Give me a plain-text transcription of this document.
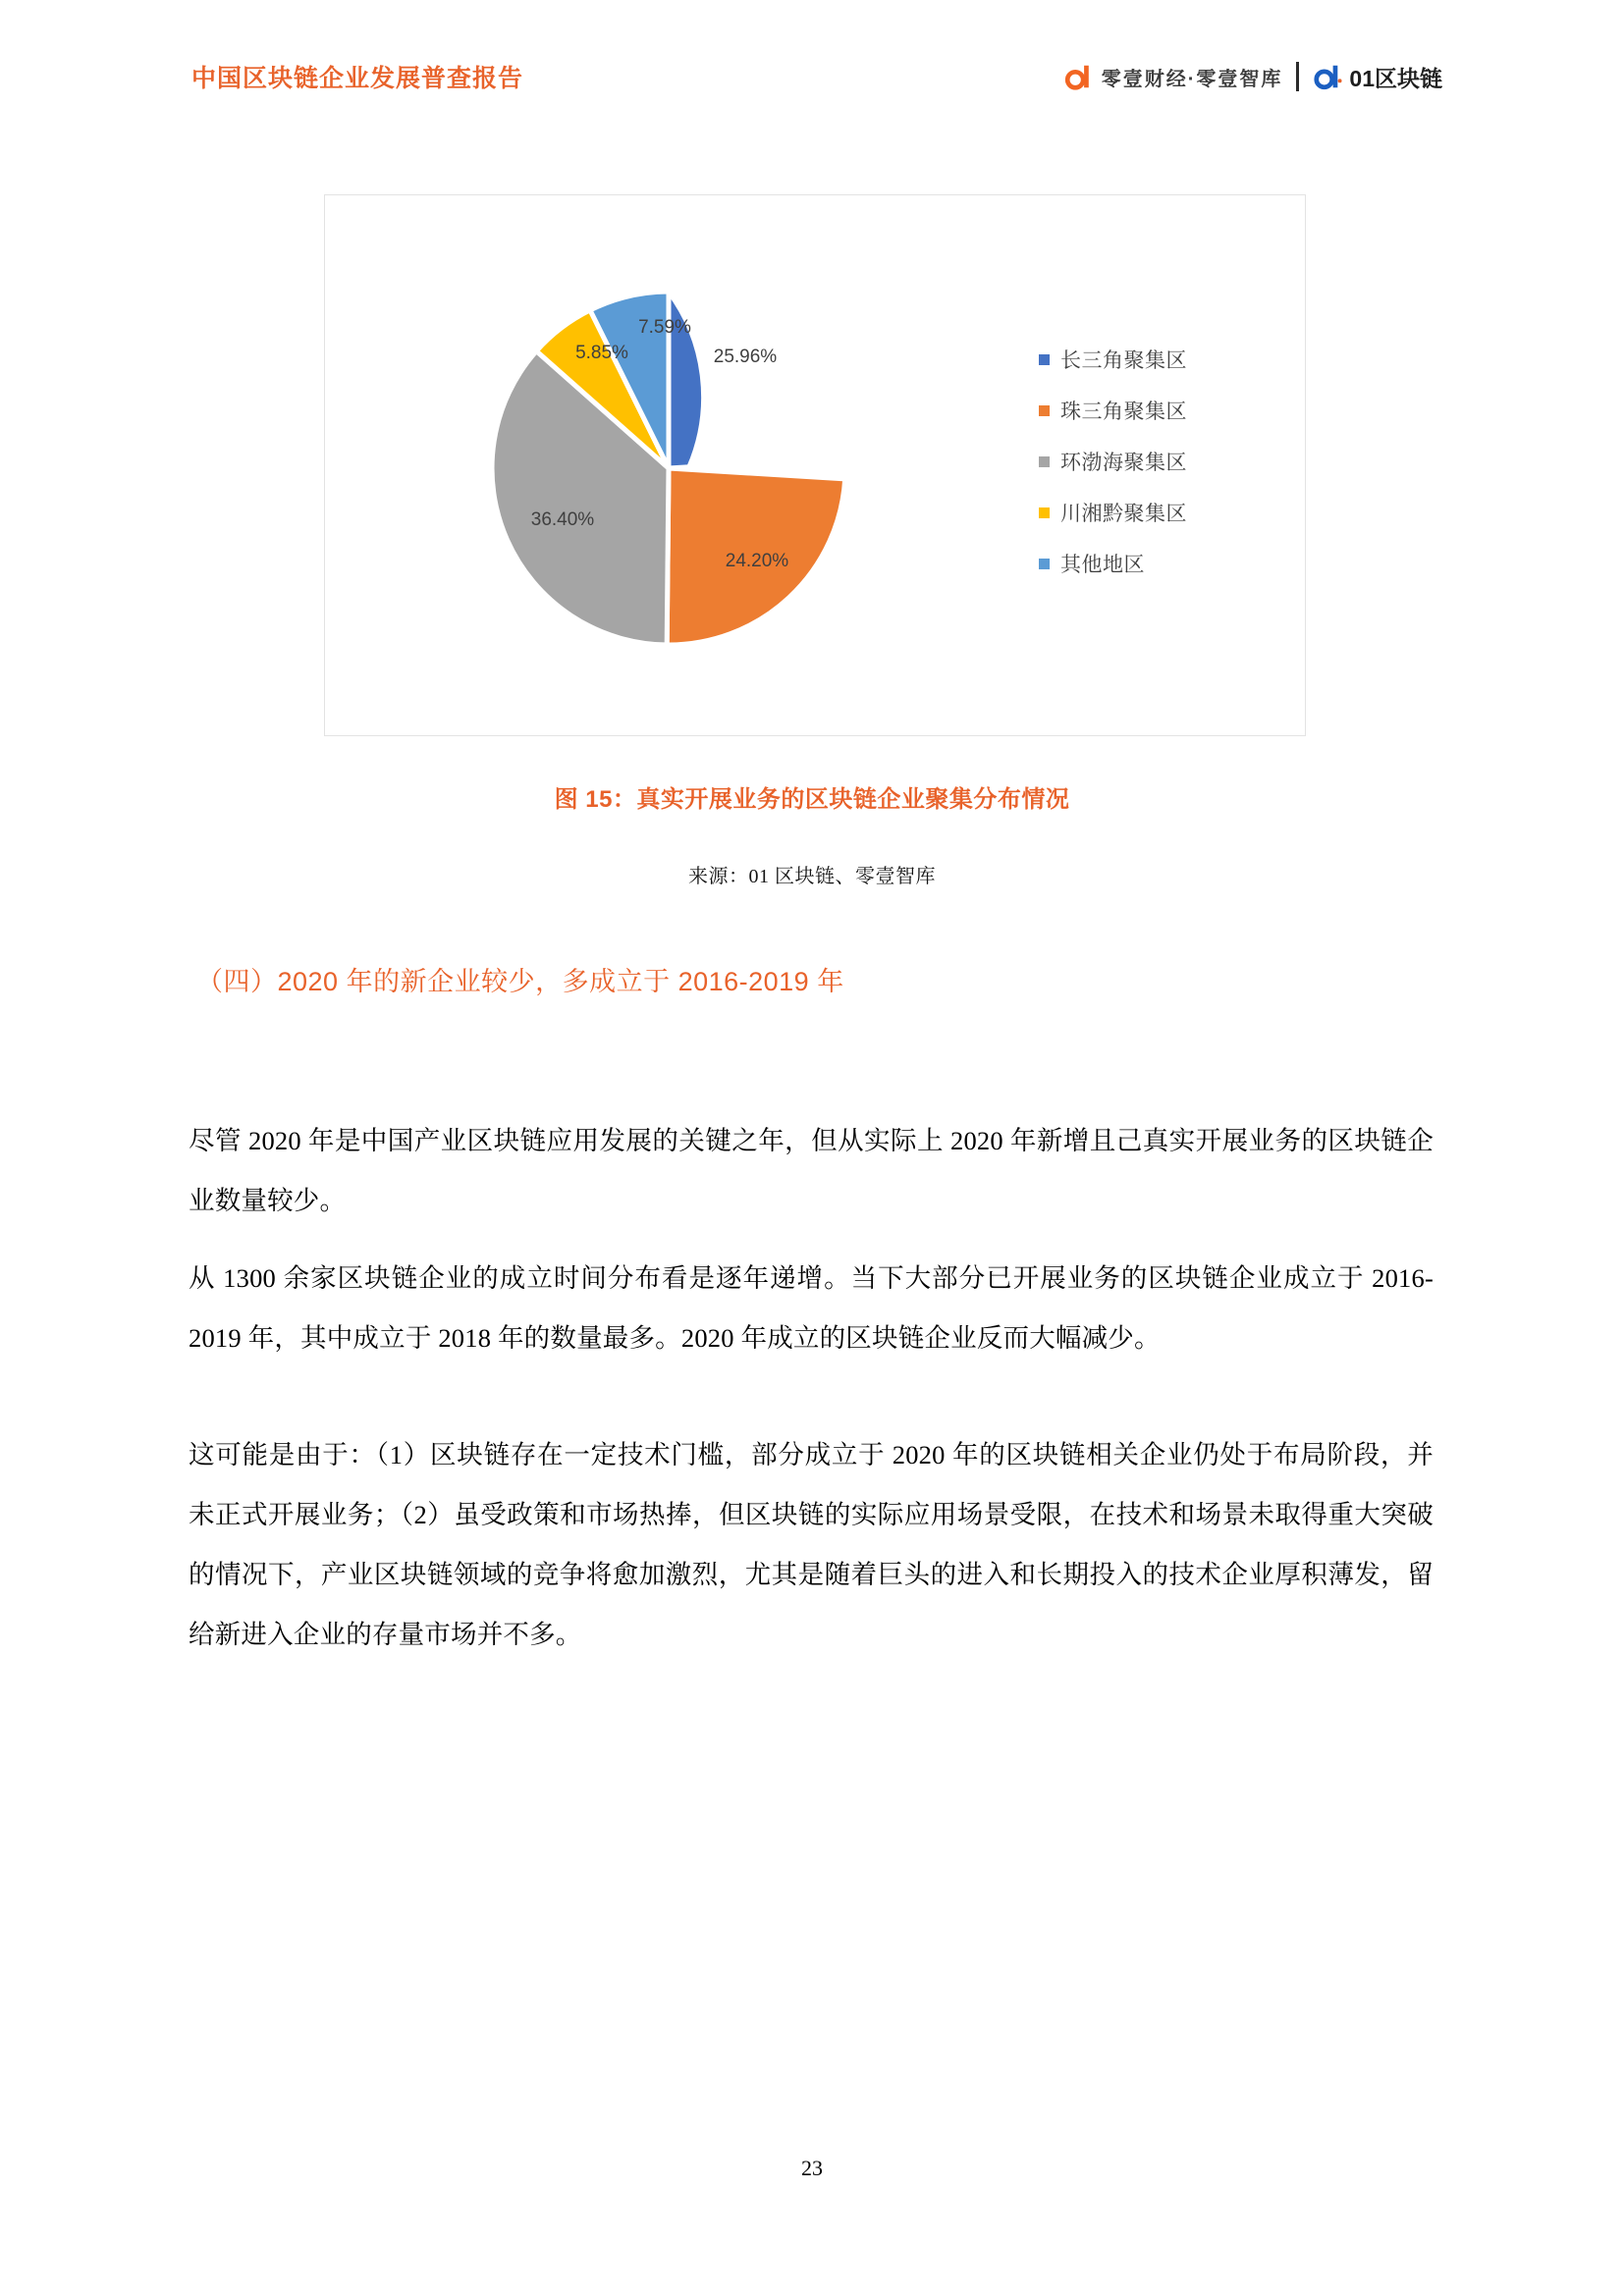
中国区块链企业发展普查报告	零壹财经·零壹智库	01区块链
25.96%
24.20%
36.40%
5.85%
7.59%
长三角聚集区
珠三角聚集区
环渤海聚集区
川湘黔聚集区
其他地区
图 15：真实开展业务的区块链企业聚集分布情况
来源：01 区块链、零壹智库
（四）2020 年的新企业较少，多成立于 2016-2019 年

尽管 2020 年是中国产业区块链应用发展的关键之年，但从实际上 2020 年新增且己真实开展业务的区块链企业数量较少。

从 1300 余家区块链企业的成立时间分布看是逐年递增。当下大部分已开展业务的区块链企业成立于 2016-2019 年，其中成立于 2018 年的数量最多。2020 年成立的区块链企业反而大幅减少。

这可能是由于：（1）区块链存在一定技术门槛，部分成立于 2020 年的区块链相关企业仍处于布局阶段，并未正式开展业务；（2）虽受政策和市场热捧，但区块链的实际应用场景受限，在技术和场景未取得重大突破的情况下，产业区块链领域的竞争将愈加激烈，尤其是随着巨头的进入和长期投入的技术企业厚积薄发，留给新进入企业的存量市场并不多。

23
